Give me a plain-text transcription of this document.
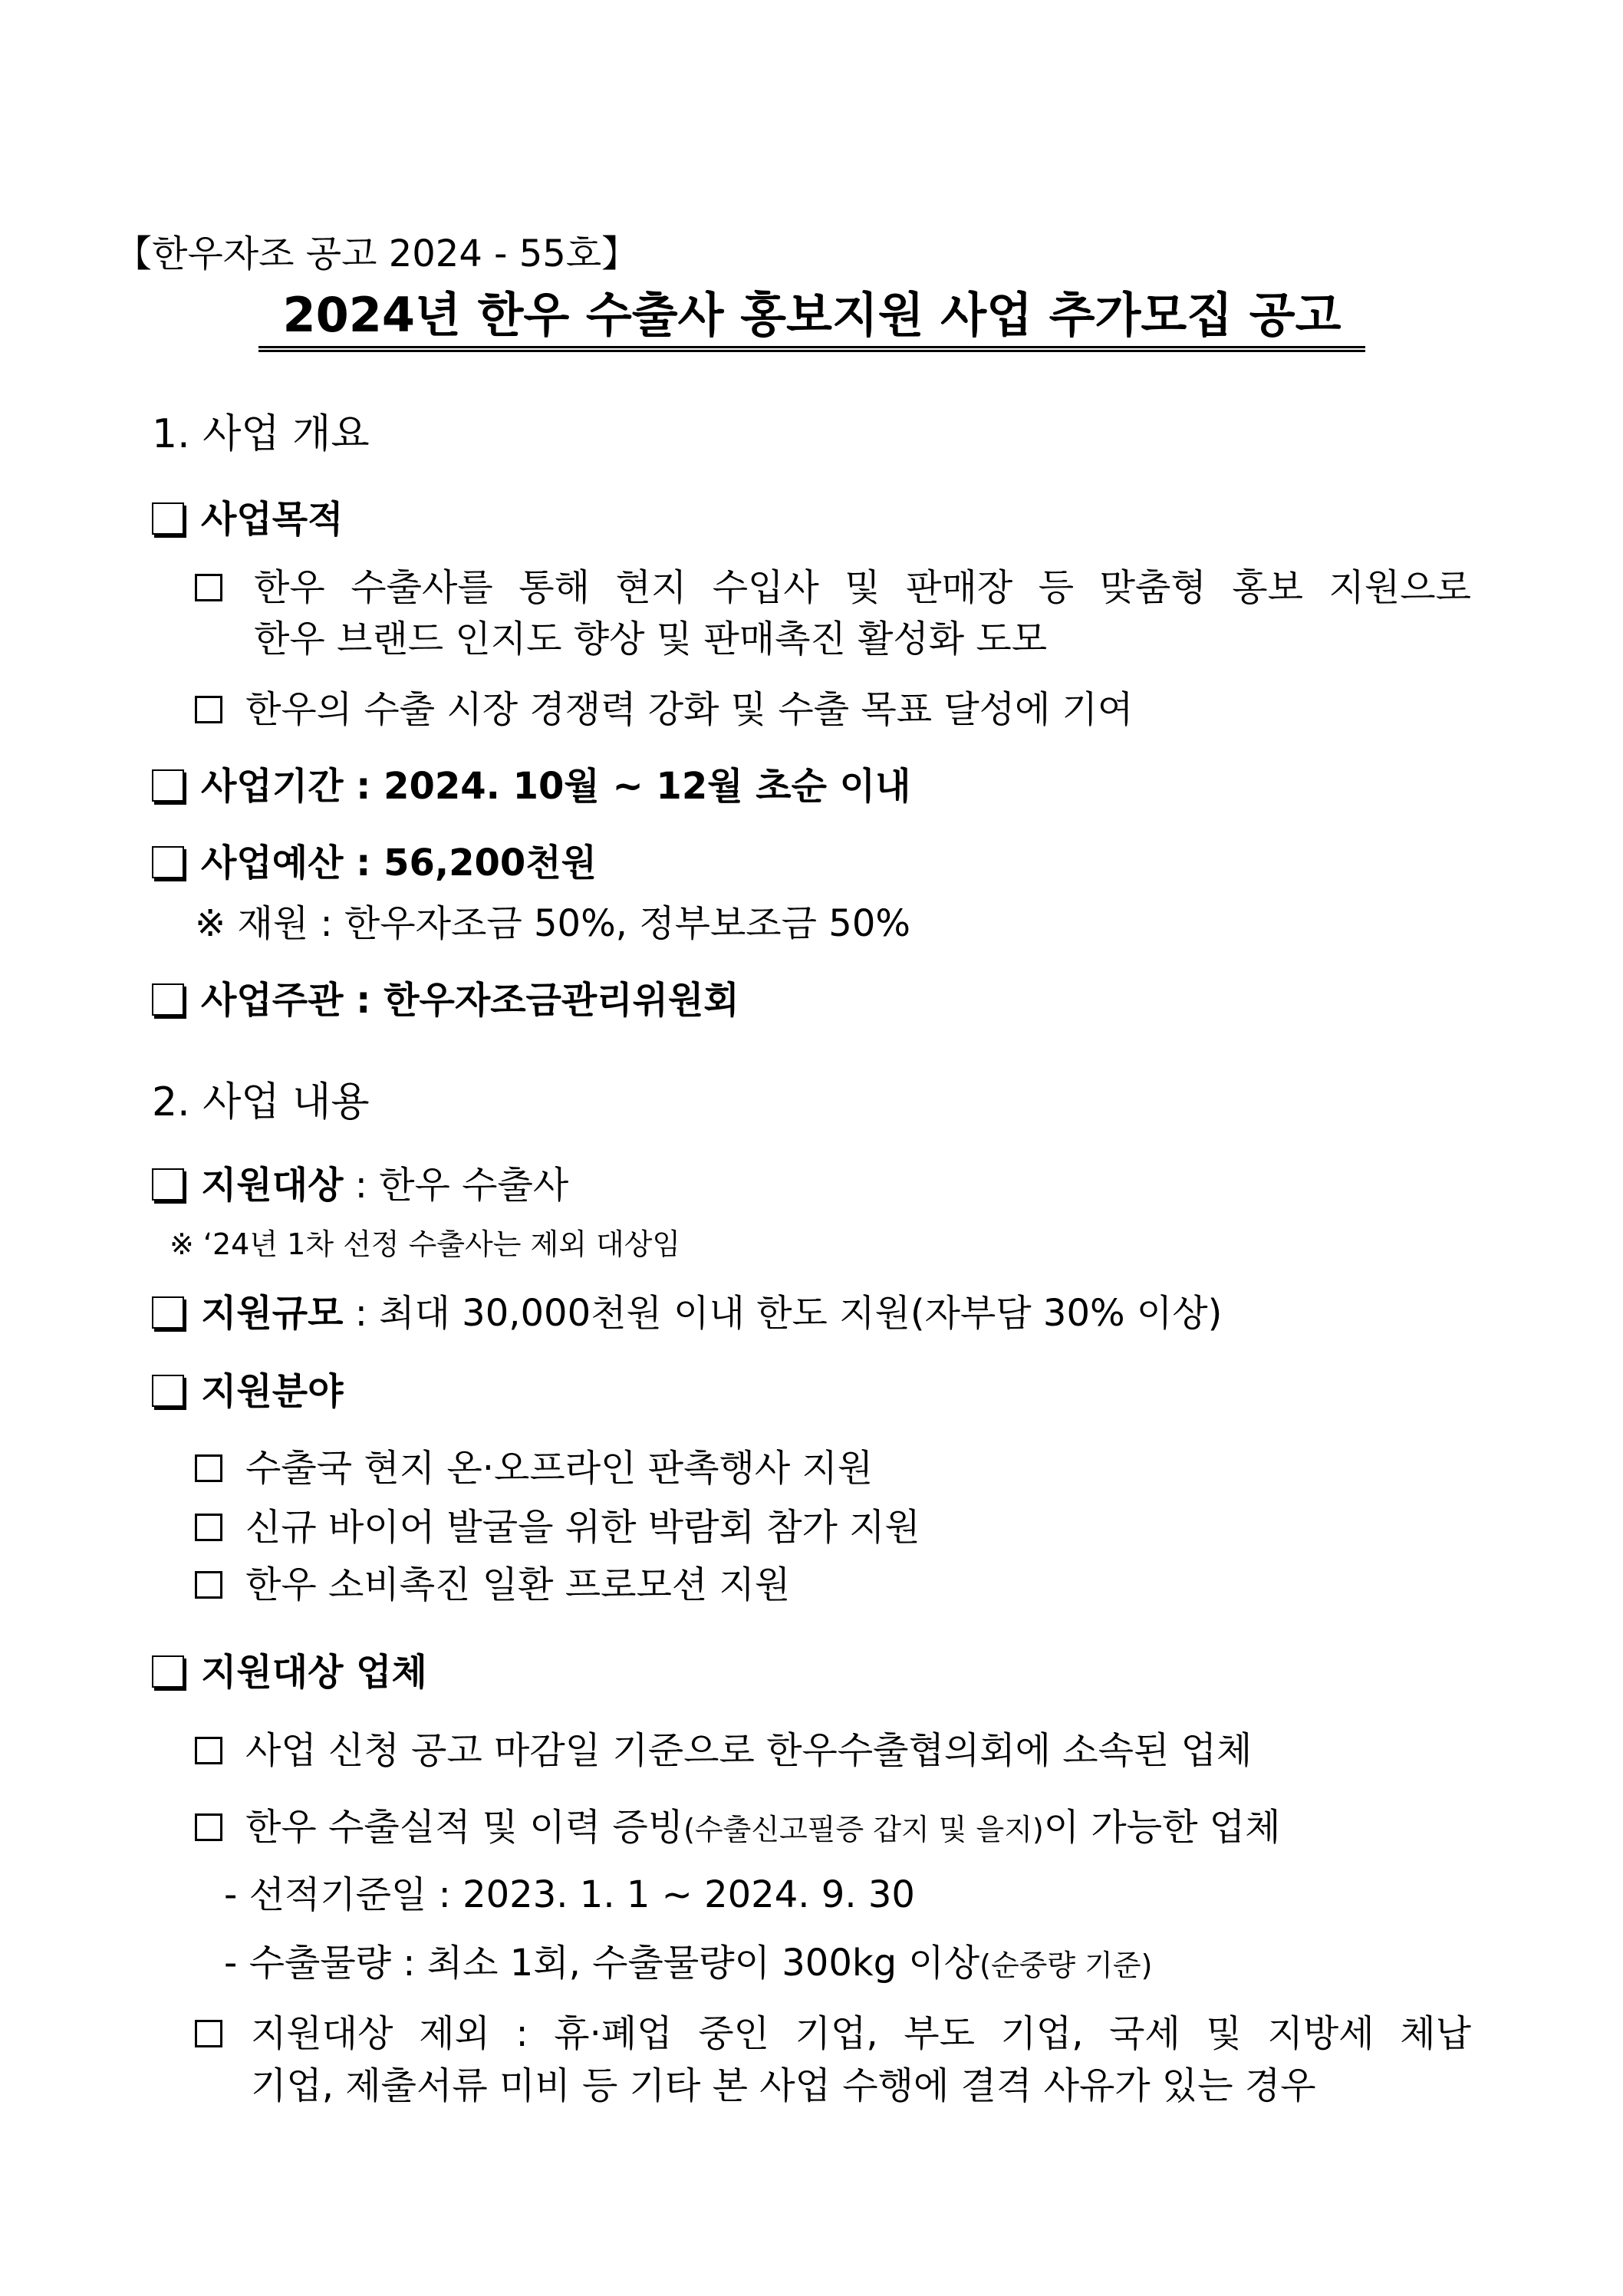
【한우자조 공고 2024 - 55호】
2024년 한우 수출사 홍보지원 사업 추가모집 공고
1. 사업 개요
사업목적
한우 수출사를 통해 현지 수입사 및 판매장 등 맞춤형 홍보 지원으로
한우 브랜드 인지도 향상 및 판매촉진 활성화 도모
한우의 수출 시장 경쟁력 강화 및 수출 목표 달성에 기여
사업기간 : 2024. 10월 ~ 12월 초순 이내
사업예산 : 56,200천원
※ 재원 : 한우자조금 50%, 정부보조금 50%
사업주관 : 한우자조금관리위원회
2. 사업 내용
지원대상 : 한우 수출사
※ ‘24년 1차 선정 수출사는 제외 대상임
지원규모 : 최대 30,000천원 이내 한도 지원(자부담 30% 이상)
지원분야
수출국 현지 온·오프라인 판촉행사 지원
신규 바이어 발굴을 위한 박람회 참가 지원
한우 소비촉진 일환 프로모션 지원
지원대상 업체
사업 신청 공고 마감일 기준으로 한우수출협의회에 소속된 업체
한우 수출실적 및 이력 증빙(수출신고필증 갑지 및 을지)이 가능한 업체
- 선적기준일 : 2023. 1. 1 ~ 2024. 9. 30
- 수출물량 : 최소 1회, 수출물량이 300kg 이상(순중량 기준)
지원대상 제외 : 휴·폐업 중인 기업, 부도 기업, 국세 및 지방세 체납
기업, 제출서류 미비 등 기타 본 사업 수행에 결격 사유가 있는 경우
